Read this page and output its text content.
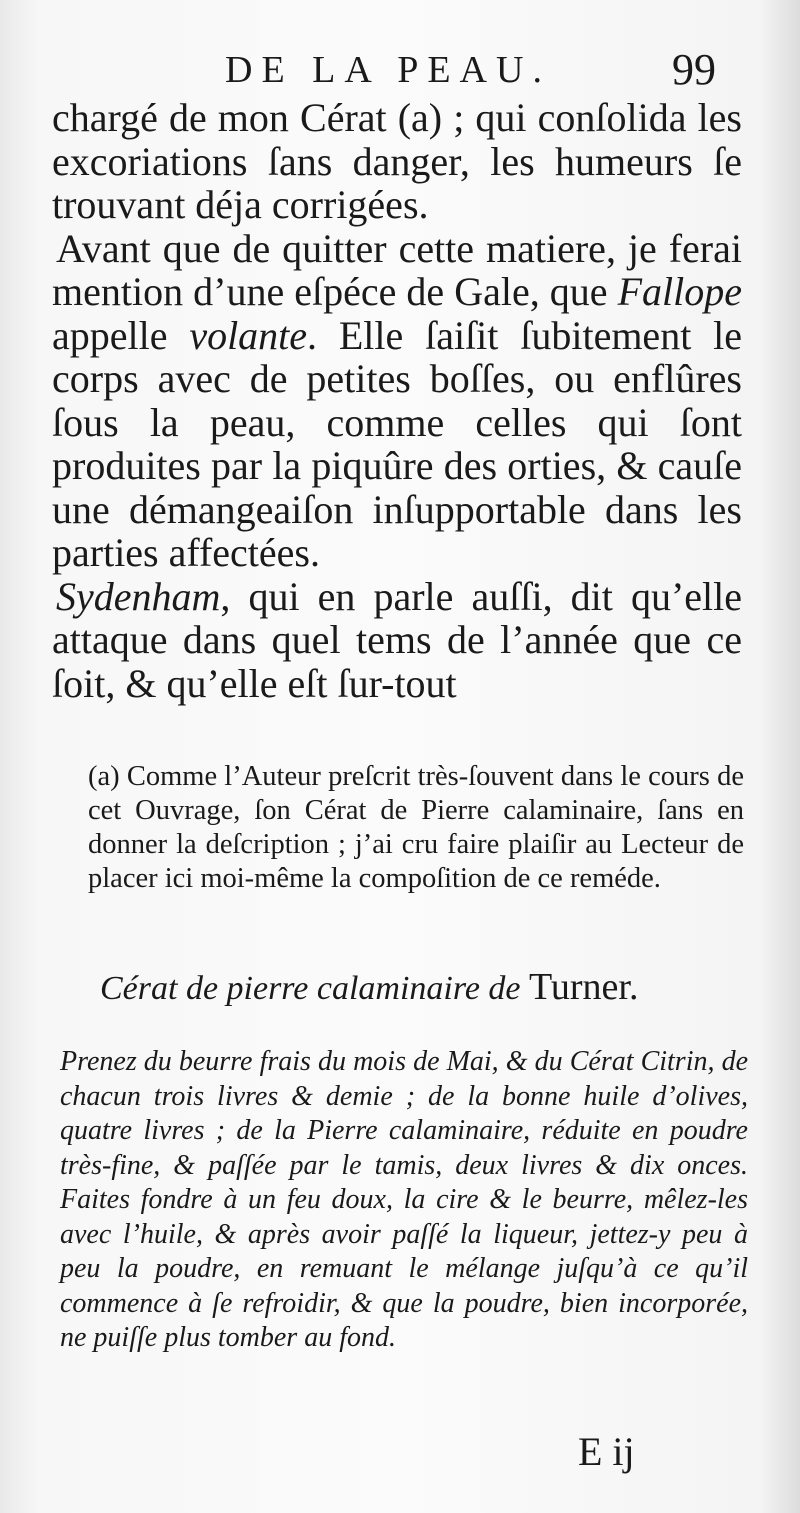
DE LA PEAU.	99

chargé de mon Cérat (a) ; qui conſolida les excoriations ſans danger, les humeurs ſe trouvant déja corrigées.

Avant que de quitter cette matiere, je ferai mention d’une eſpéce de Gale, que Fallope appelle volante. Elle ſaiſit ſubitement le corps avec de petites boſſes, ou enflûres ſous la peau, comme celles qui ſont produites par la piquûre des orties, & cauſe une démangeaiſon inſupportable dans les parties affectées.

Sydenham, qui en parle auſſi, dit qu’elle attaque dans quel tems de l’année que ce ſoit, & qu’elle eſt ſur-tout

(a) Comme l’Auteur preſcrit très-ſouvent dans le cours de cet Ouvrage, ſon Cérat de Pierre calaminaire, ſans en donner la deſcription ; j’ai cru faire plaiſir au Lecteur de placer ici moi-même la compoſition de ce reméde.
Cérat de pierre calaminaire de Turner.

Prenez du beurre frais du mois de Mai, & du Cérat Citrin, de chacun trois livres & demie ; de la bonne huile d’olives, quatre livres ; de la Pierre calaminaire, réduite en poudre très-fine, & paſſée par le tamis, deux livres & dix onces. Faites fondre à un feu doux, la cire & le beurre, mêlez-les avec l’huile, & après avoir paſſé la liqueur, jettez-y peu à peu la poudre, en remuant le mélange juſqu’à ce qu’il commence à ſe refroidir, & que la poudre, bien incorporée, ne puiſſe plus tomber au fond.

E ij
